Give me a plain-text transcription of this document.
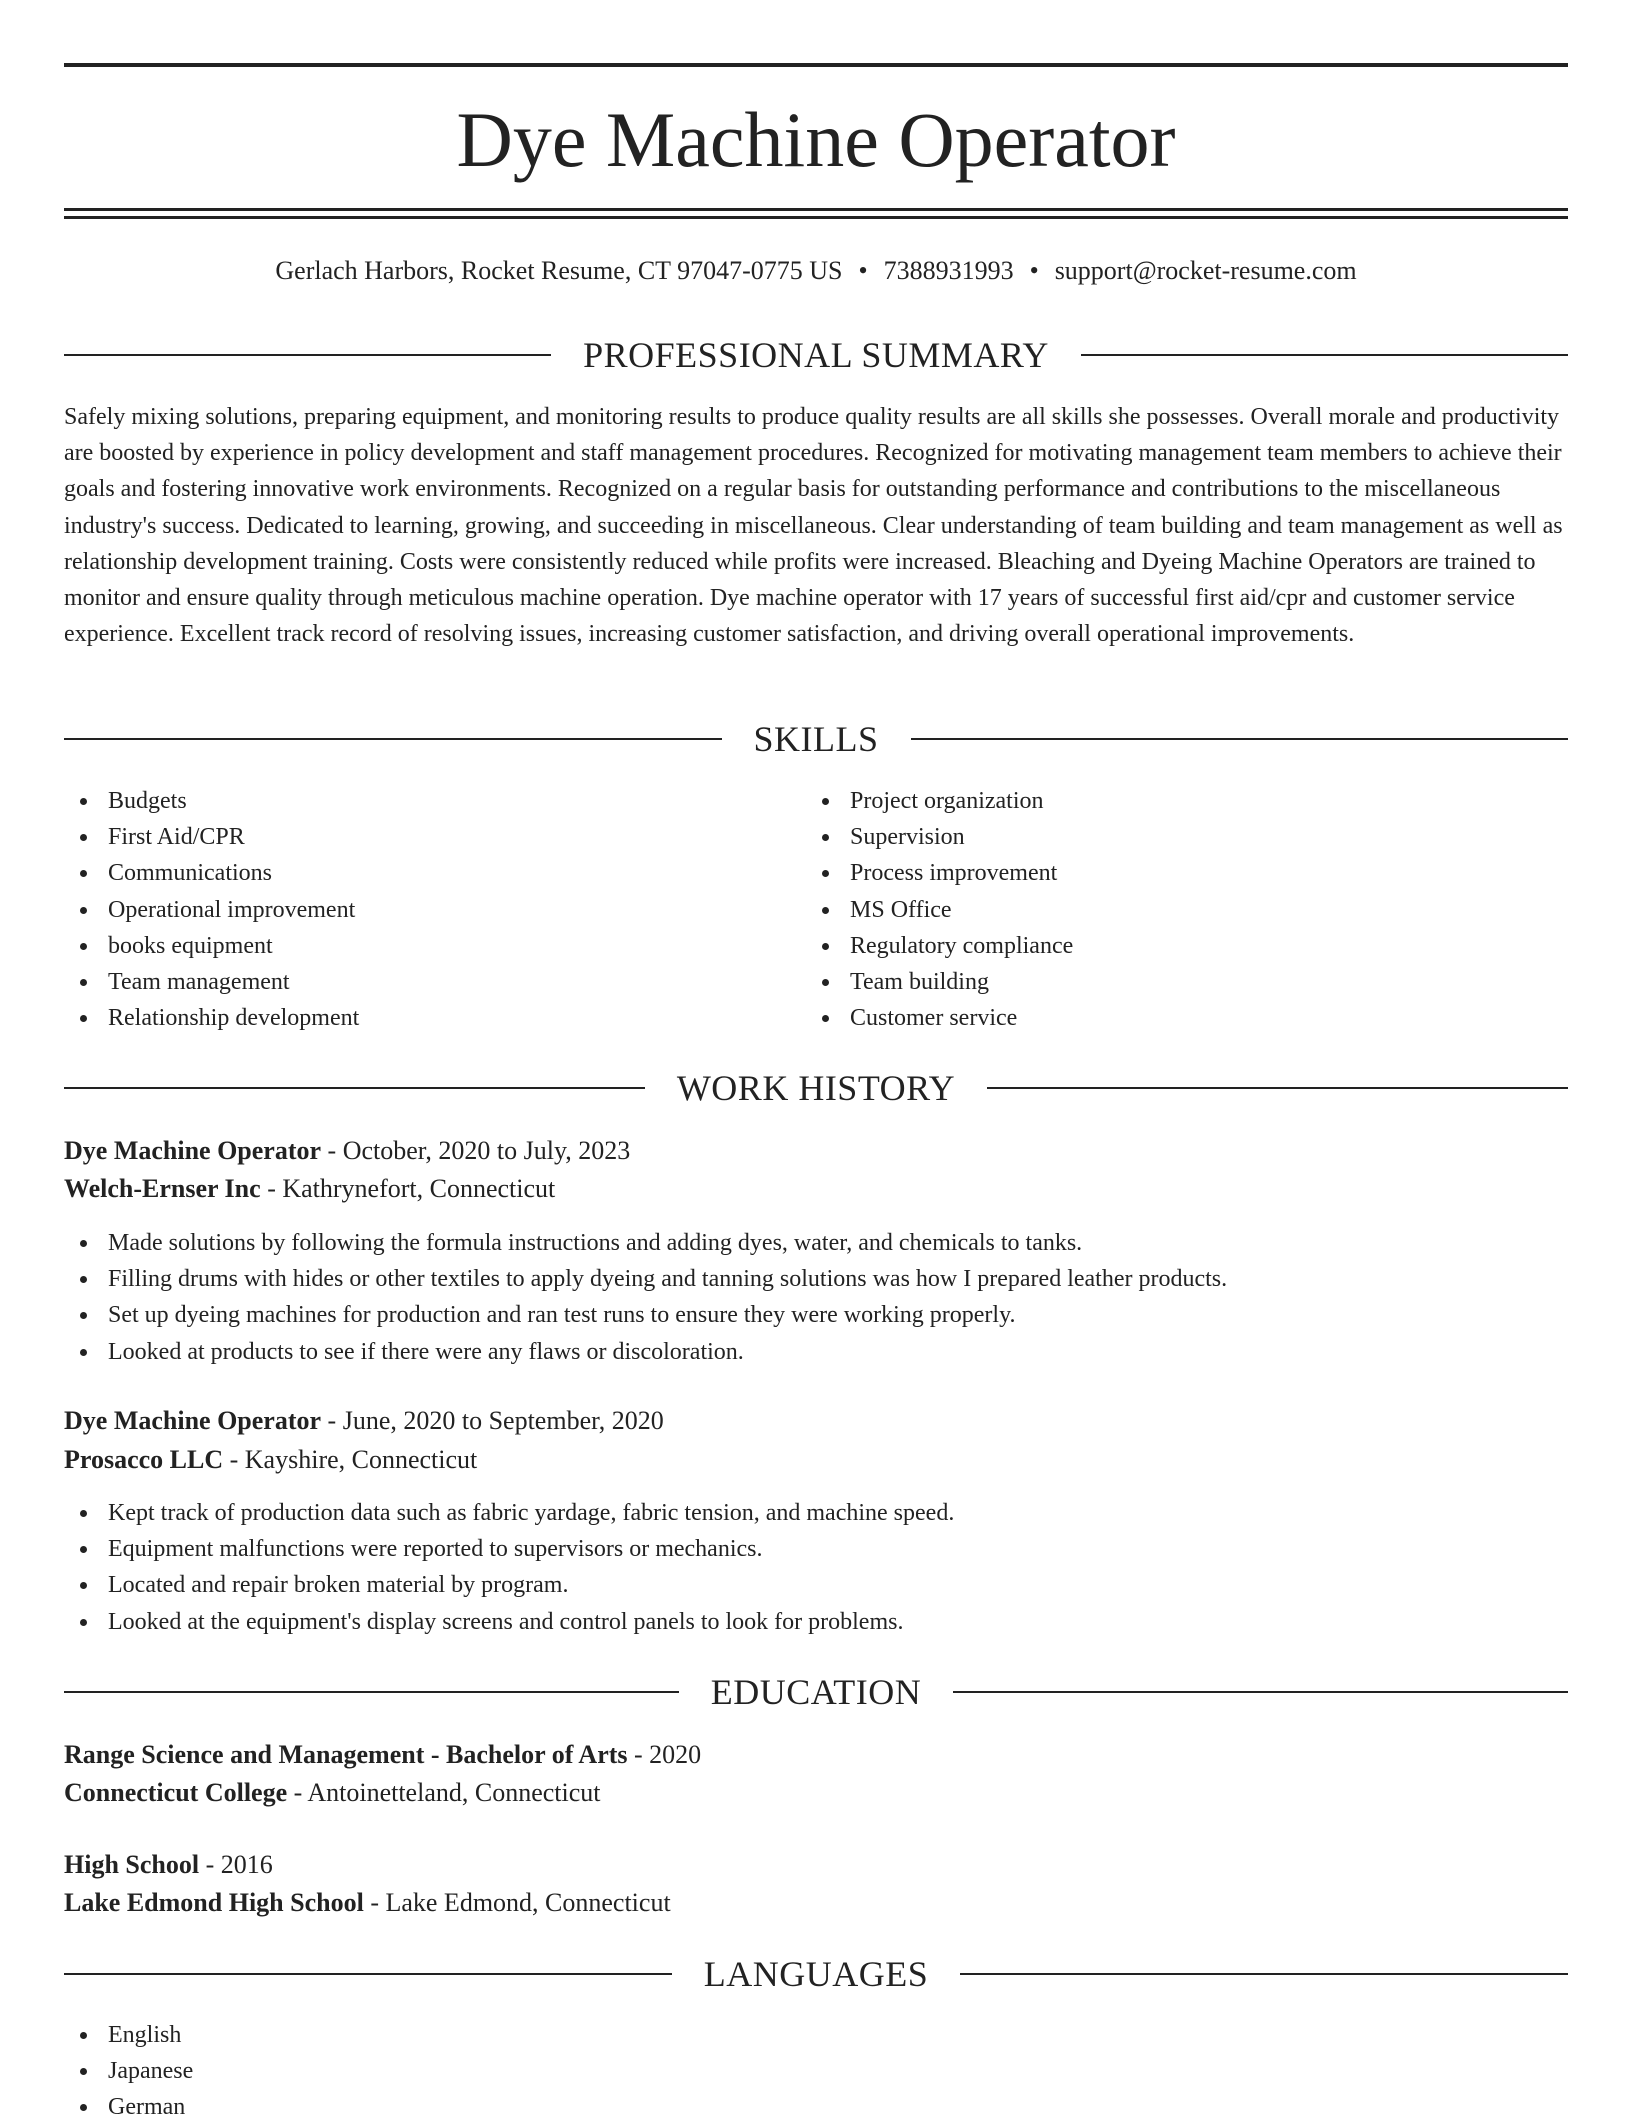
Dye Machine Operator
Gerlach Harbors, Rocket Resume, CT 97047-0775 US • 7388931993 • support@rocket-resume.com
PROFESSIONAL SUMMARY

Safely mixing solutions, preparing equipment, and monitoring results to produce quality results are all skills she possesses. Overall morale and productivity are boosted by experience in policy development and staff management procedures. Recognized for motivating management team members to achieve their goals and fostering innovative work environments. Recognized on a regular basis for outstanding performance and contributions to the miscellaneous industry's success. Dedicated to learning, growing, and succeeding in miscellaneous. Clear understanding of team building and team management as well as relationship development training. Costs were consistently reduced while profits were increased. Bleaching and Dyeing Machine Operators are trained to monitor and ensure quality through meticulous machine operation. Dye machine operator with 17 years of successful first aid/cpr and customer service experience. Excellent track record of resolving issues, increasing customer satisfaction, and driving overall operational improvements.

SKILLS
Budgets
First Aid/CPR
Communications
Operational improvement
books equipment
Team management
Relationship development
Project organization
Supervision
Process improvement
MS Office
Regulatory compliance
Team building
Customer service
WORK HISTORY
Dye Machine Operator - October, 2020 to July, 2023
Welch-Ernser Inc - Kathrynefort, Connecticut
Made solutions by following the formula instructions and adding dyes, water, and chemicals to tanks.
Filling drums with hides or other textiles to apply dyeing and tanning solutions was how I prepared leather products.
Set up dyeing machines for production and ran test runs to ensure they were working properly.
Looked at products to see if there were any flaws or discoloration.
Dye Machine Operator - June, 2020 to September, 2020
Prosacco LLC - Kayshire, Connecticut
Kept track of production data such as fabric yardage, fabric tension, and machine speed.
Equipment malfunctions were reported to supervisors or mechanics.
Located and repair broken material by program.
Looked at the equipment's display screens and control panels to look for problems.
EDUCATION
Range Science and Management - Bachelor of Arts - 2020
Connecticut College - Antoinetteland, Connecticut
High School - 2016
Lake Edmond High School - Lake Edmond, Connecticut
LANGUAGES
English
Japanese
German
